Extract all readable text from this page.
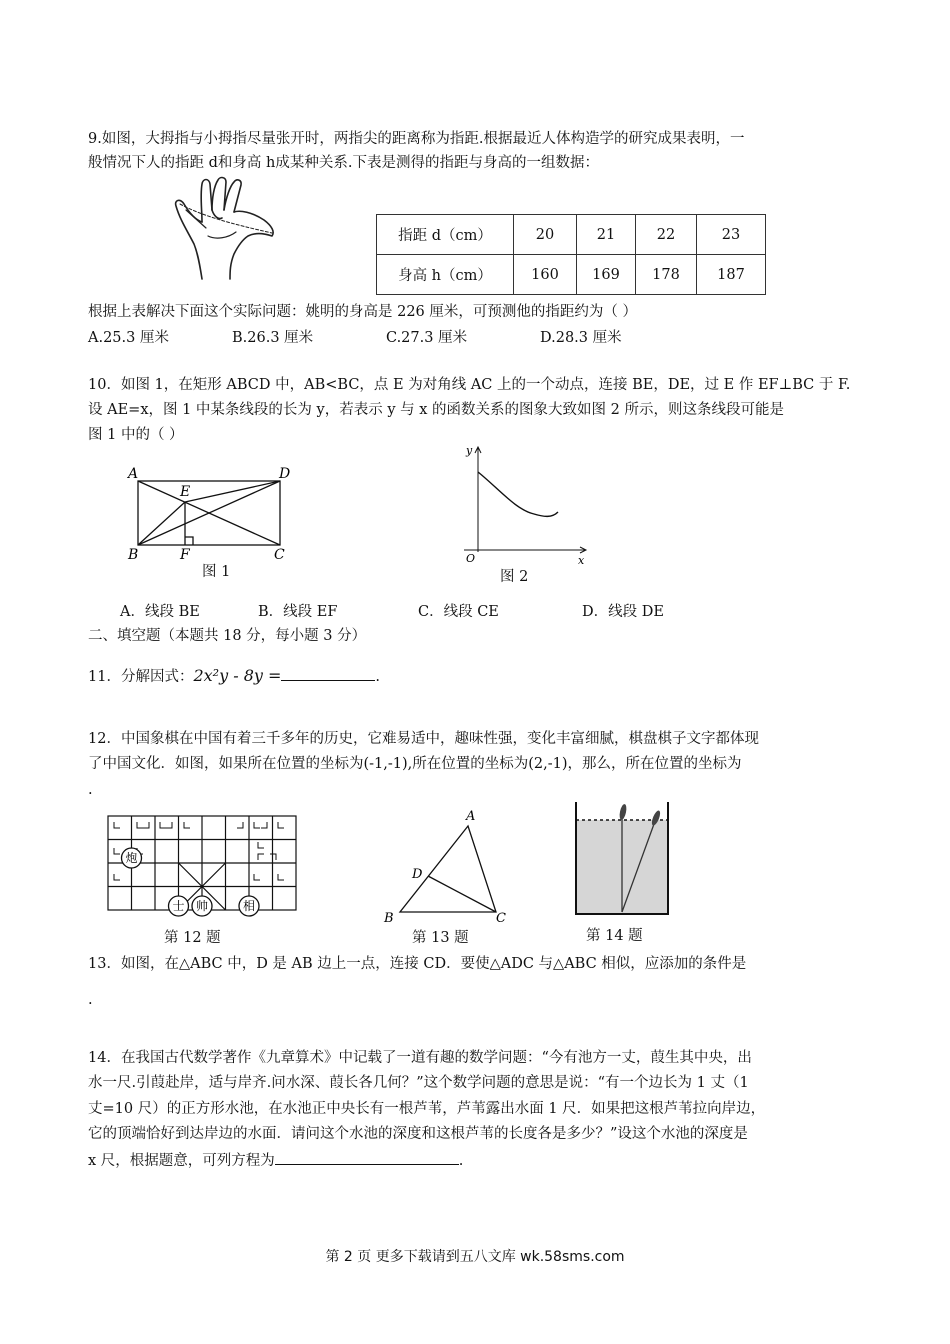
9.如图，大拇指与小拇指尽量张开时，两指尖的距离称为指距.根据最近人体构造学的研究成果表明，一
般情况下人的指距 d和身高 h成某种关系.下表是测得的指距与身高的一组数据：
指距 d（cm）	20	21	22	23
身高 h（cm）	160	169	178	187
根据上表解决下面这个实际问题：姚明的身高是 226 厘米，可预测他的指距约为（ ）
A.25.3 厘米	B.26.3 厘米	C.27.3 厘米	D.28.3 厘米
10．如图 1，在矩形 ABCD 中，AB<BC，点 E 为对角线 AC 上的一个动点，连接 BE，DE，过 E 作 EF⊥BC 于 F.
设 AE=x，图 1 中某条线段的长为 y，若表示 y 与 x 的函数关系的图象大致如图 2 所示，则这条线段可能是
图 1 中的（ ）
A	D
E
B	F	C
图 1
y
x
O
图 2
A．线段 BE	B．线段 EF	C．线段 CE	D．线段 DE
二、填空题（本题共 18 分，每小题 3 分）
11．分解因式：2x²y - 8y =	.
12．中国象棋在中国有着三千多年的历史，它难易适中，趣味性强，变化丰富细腻，棋盘棋子文字都体现
了中国文化．如图，如果所在位置的坐标为(-1,-1),所在位置的坐标为(2,-1)，那么，所在位置的坐标为
.
炮
士 帅	相
第 12 题
A
D
B	C
第 13 题	第 14 题
13．如图，在△ABC 中，D 是 AB 边上一点，连接 CD．要使△ADC 与△ABC 相似，应添加的条件是
.
14．在我国古代数学著作《九章算术》中记载了一道有趣的数学问题：“今有池方一丈，葭生其中央，出
水一尺.引葭赴岸，适与岸齐.问水深、葭长各几何？”这个数学问题的意思是说：“有一个边长为 1 丈（1
丈=10 尺）的正方形水池，在水池正中央长有一根芦苇，芦苇露出水面 1 尺．如果把这根芦苇拉向岸边，
它的顶端恰好到达岸边的水面．请问这个水池的深度和这根芦苇的长度各是多少？”设这个水池的深度是
x 尺，根据题意，可列方程为	.
第 2 页 更多下载请到五八文库 wk.58sms.com
